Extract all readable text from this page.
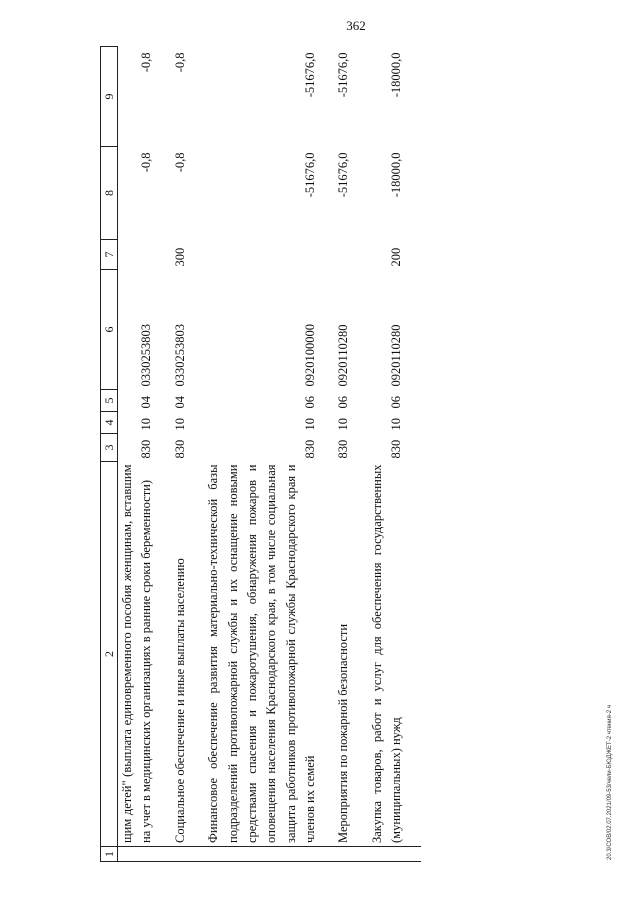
362
20.3/СОВ/02.07.2021/09-53/чели-БЮДЖЕТ-2 чтения-2 ч
1	2	3	4	5	6	7	8	9
	щим детей" (выплата единовременного пособия женщинам, вставшим на учет в медицинских организациях в ранние сроки беременности)	830	10	04	0330253803		-0,8	-0,8
	Социальное обеспечение и иные выплаты населению	830	10	04	0330253803	300	-0,8	-0,8
	Финансовое обеспечение развития материально-технической базы подразделений противопожарной службы и их оснащение новыми средствами спасения и пожаротушения, обнаружения пожаров и оповещения населения Краснодарского края, в том числе социальная защита работников противопожарной службы Краснодарского края и членов их семей	830	10	06	0920100000		-51676,0	-51676,0
	Мероприятия по пожарной безопасности	830	10	06	0920110280		-51676,0	-51676,0
	Закупка товаров, работ и услуг для обеспечения государственных (муниципальных) нужд	830	10	06	0920110280	200	-18000,0	-18000,0
